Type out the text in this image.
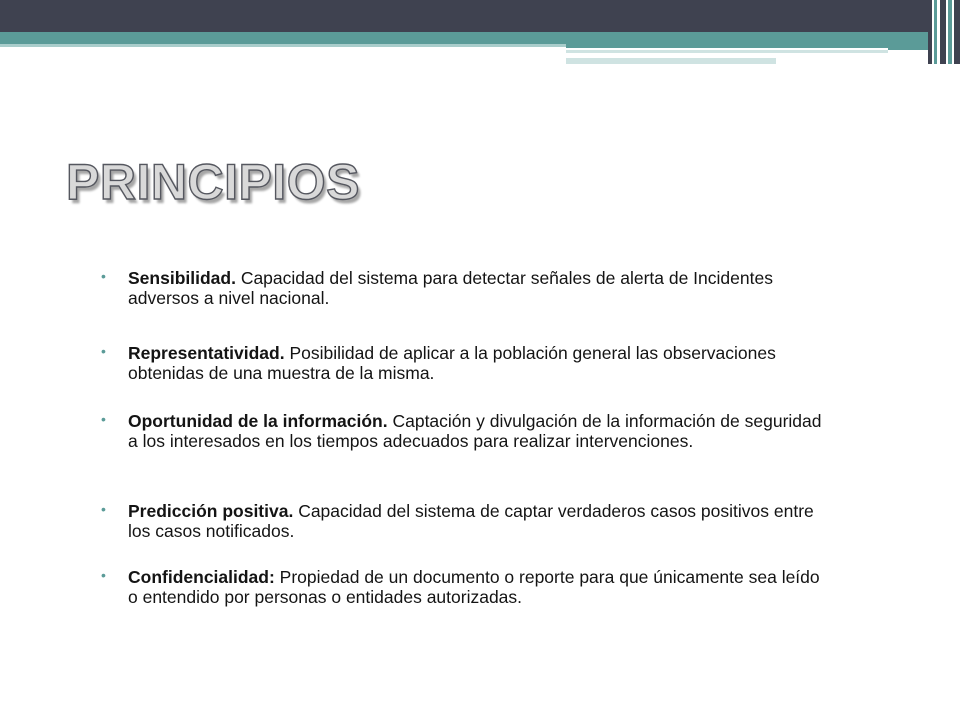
PRINCIPIOS
•	Sensibilidad. Capacidad del sistema para detectar señales de alerta de Incidentes adversos a nivel nacional.
•	Representatividad. Posibilidad de aplicar a la población general las observaciones obtenidas de una muestra de la misma.
•	Oportunidad de la información. Captación y divulgación de la información de seguridad a los interesados en los tiempos adecuados para realizar intervenciones.
•	Predicción positiva. Capacidad del sistema de captar verdaderos casos positivos entre los casos notificados.
•	Confidencialidad: Propiedad de un documento o reporte para que únicamente sea leído o entendido por personas o entidades autorizadas.
